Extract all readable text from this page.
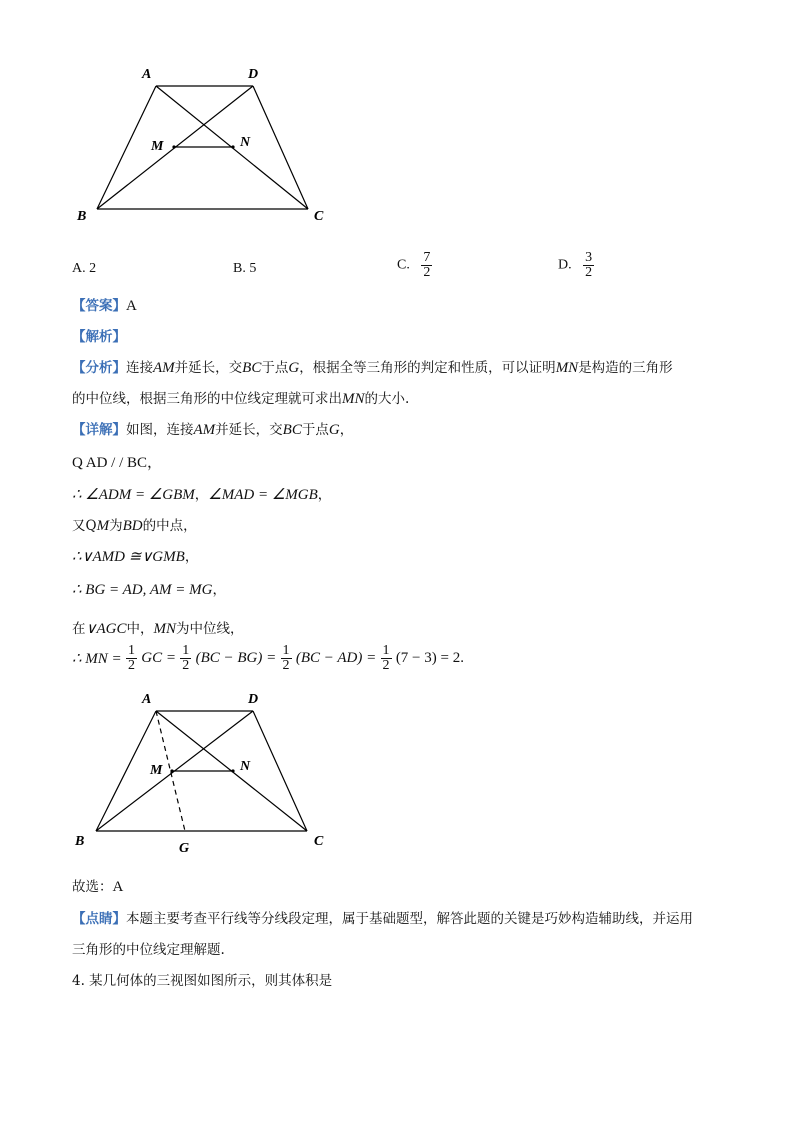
A	D
M	N
B	C
A. 2	B. 5	C. $\frac{7}{2}$	D. $\frac{3}{2}$
【答案】A
【解析】
【分析】连接AM并延长，交BC于点G，根据全等三角形的判定和性质，可以证明MN是构造的三角形
的中位线，根据三角形的中位线定理就可求出MN的大小.
【详解】如图，连接AM并延长，交BC于点G，
Q AD / / BC，
∴ ∠ADM = ∠GBM，∠MAD = ∠MGB，
又QM为BD的中点，
∴∨AMD ≅∨GMB，
∴ BG = AD, AM = MG，
在∨AGC中，MN为中位线，
∴ MN = $\frac{1}{2}$ GC = $\frac{1}{2} (BC - BG) = \frac{1}{2} (BC - AD) = \frac{1}{2} (7 - 3) = 2$.
A	D
M	N
B	C
G
故选：A
【点睛】本题主要考查平行线等分线段定理，属于基础题型，解答此题的关键是巧妙构造辅助线，并运用
三角形的中位线定理解题.
4. 某几何体的三视图如图所示，则其体积是
